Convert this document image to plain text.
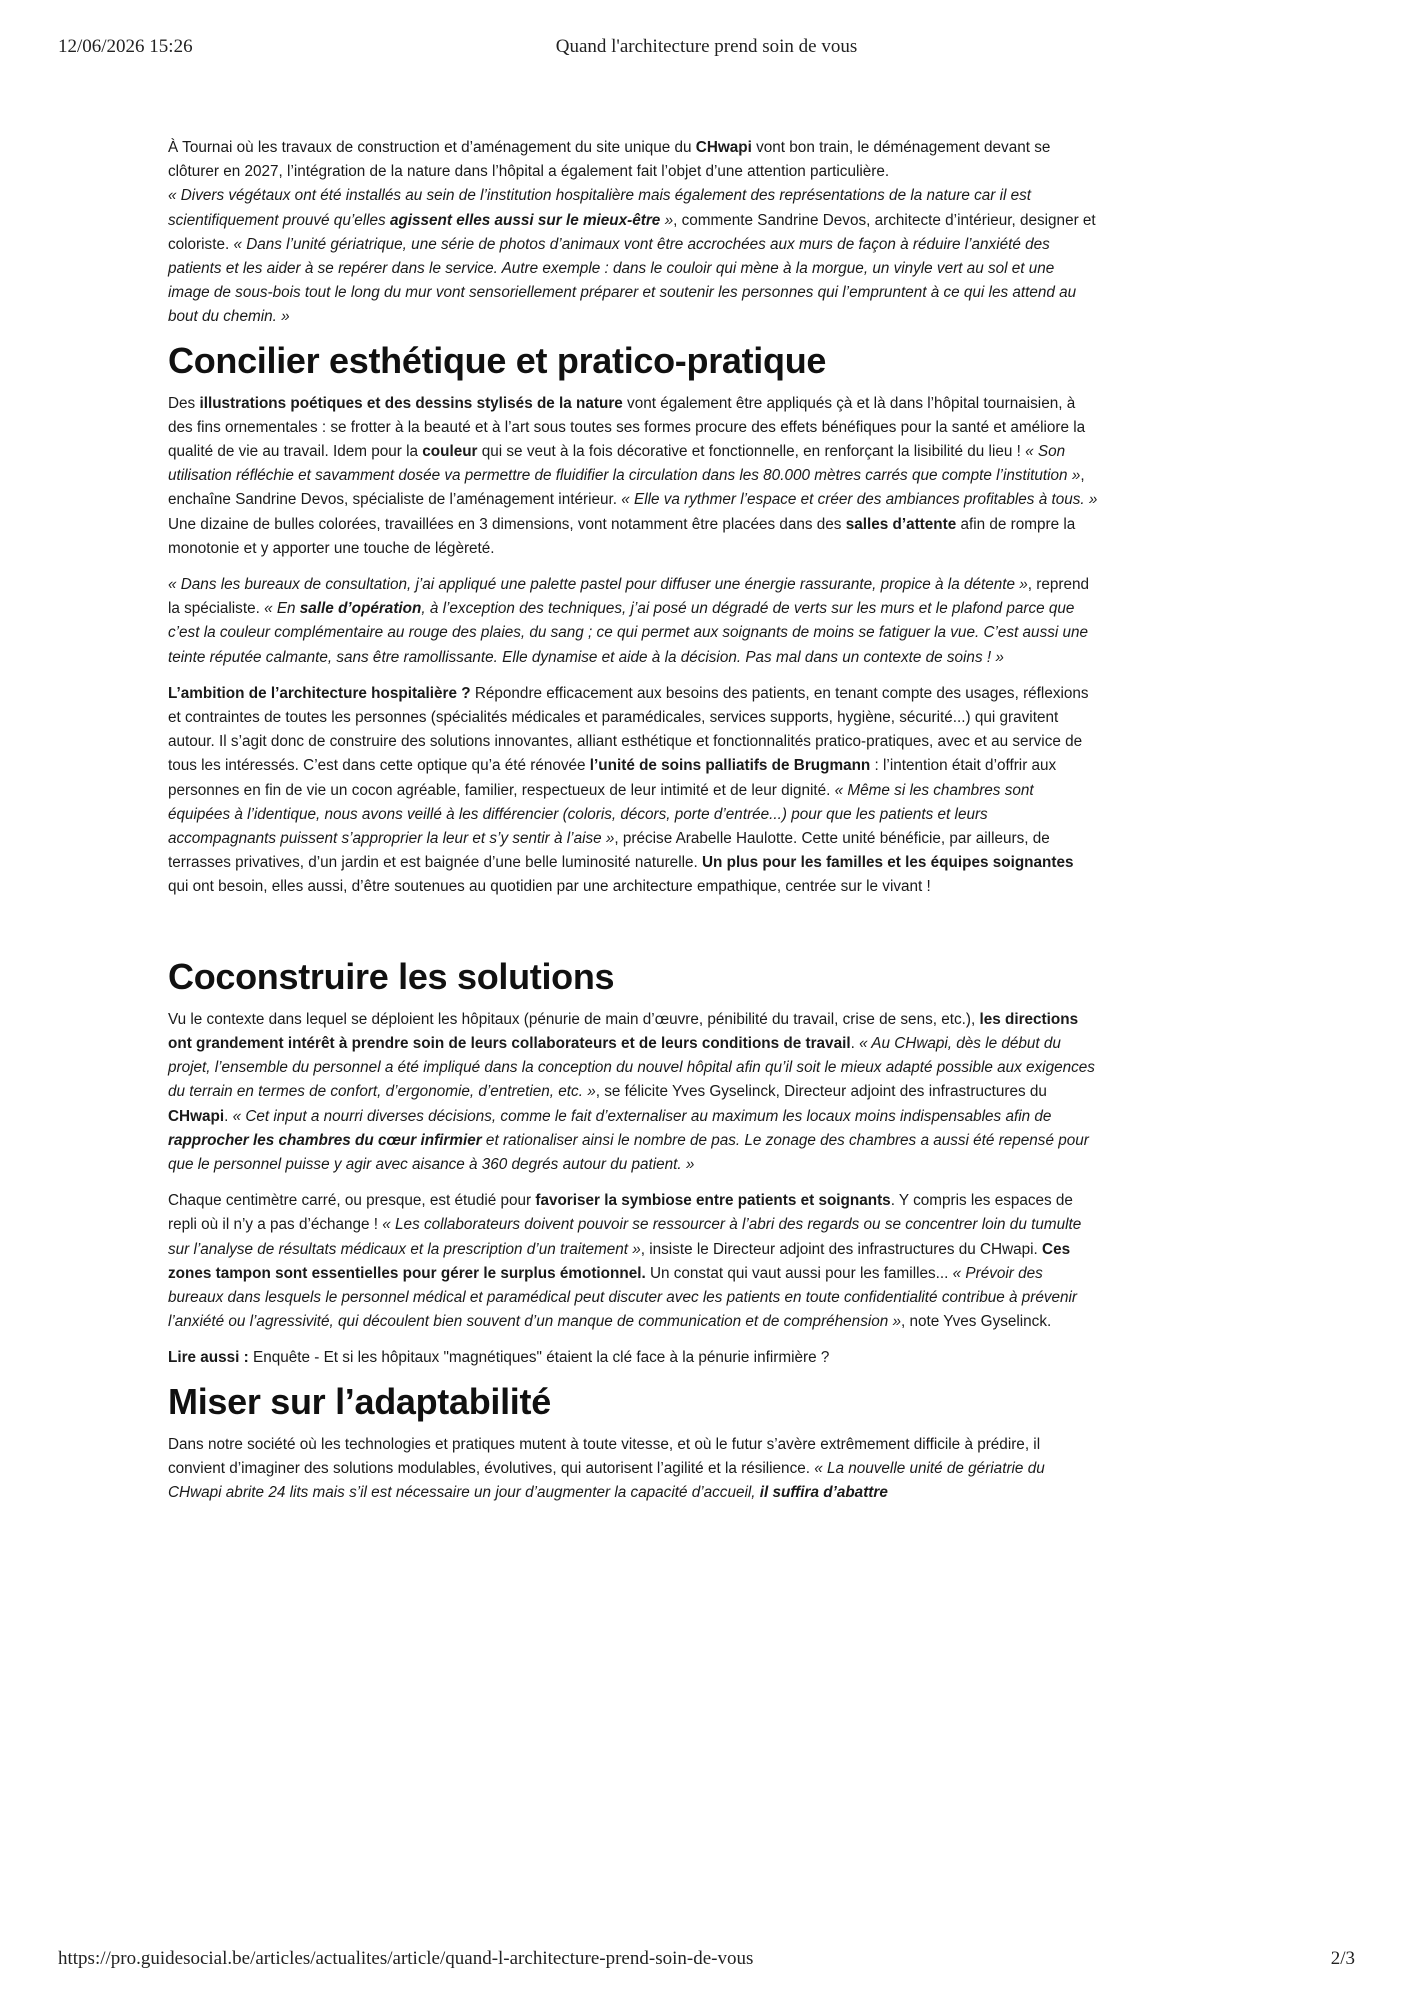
12/06/2026 15:26	Quand l'architecture prend soin de vous

À Tournai où les travaux de construction et d’aménagement du site unique du CHwapi vont bon train, le déménagement devant se clôturer en 2027, l’intégration de la nature dans l’hôpital a également fait l’objet d’une attention particulière.
« Divers végétaux ont été installés au sein de l’institution hospitalière mais également des représentations de la nature car il est scientifiquement prouvé qu’elles agissent elles aussi sur le mieux-être », commente Sandrine Devos, architecte d’intérieur, designer et coloriste. « Dans l’unité gériatrique, une série de photos d’animaux vont être accrochées aux murs de façon à réduire l’anxiété des patients et les aider à se repérer dans le service. Autre exemple : dans le couloir qui mène à la morgue, un vinyle vert au sol et une image de sous-bois tout le long du mur vont sensoriellement préparer et soutenir les personnes qui l’empruntent à ce qui les attend au bout du chemin. »

Concilier esthétique et pratico-pratique

Des illustrations poétiques et des dessins stylisés de la nature vont également être appliqués çà et là dans l’hôpital tournaisien, à des fins ornementales : se frotter à la beauté et à l’art sous toutes ses formes procure des effets bénéfiques pour la santé et améliore la qualité de vie au travail. Idem pour la couleur qui se veut à la fois décorative et fonctionnelle, en renforçant la lisibilité du lieu ! « Son utilisation réfléchie et savamment dosée va permettre de fluidifier la circulation dans les 80.000 mètres carrés que compte l’institution », enchaîne Sandrine Devos, spécialiste de l’aménagement intérieur. « Elle va rythmer l’espace et créer des ambiances profitables à tous. » Une dizaine de bulles colorées, travaillées en 3 dimensions, vont notamment être placées dans des salles d’attente afin de rompre la monotonie et y apporter une touche de légèreté.

« Dans les bureaux de consultation, j’ai appliqué une palette pastel pour diffuser une énergie rassurante, propice à la détente », reprend la spécialiste. « En salle d’opération, à l’exception des techniques, j’ai posé un dégradé de verts sur les murs et le plafond parce que c’est la couleur complémentaire au rouge des plaies, du sang ; ce qui permet aux soignants de moins se fatiguer la vue. C’est aussi une teinte réputée calmante, sans être ramollissante. Elle dynamise et aide à la décision. Pas mal dans un contexte de soins ! »

L’ambition de l’architecture hospitalière ? Répondre efficacement aux besoins des patients, en tenant compte des usages, réflexions et contraintes de toutes les personnes (spécialités médicales et paramédicales, services supports, hygiène, sécurité...) qui gravitent autour. Il s’agit donc de construire des solutions innovantes, alliant esthétique et fonctionnalités pratico-pratiques, avec et au service de tous les intéressés. C’est dans cette optique qu’a été rénovée l’unité de soins palliatifs de Brugmann : l’intention était d’offrir aux personnes en fin de vie un cocon agréable, familier, respectueux de leur intimité et de leur dignité. « Même si les chambres sont équipées à l’identique, nous avons veillé à les différencier (coloris, décors, porte d’entrée...) pour que les patients et leurs accompagnants puissent s’approprier la leur et s’y sentir à l’aise », précise Arabelle Haulotte. Cette unité bénéficie, par ailleurs, de terrasses privatives, d’un jardin et est baignée d’une belle luminosité naturelle. Un plus pour les familles et les équipes soignantes qui ont besoin, elles aussi, d’être soutenues au quotidien par une architecture empathique, centrée sur le vivant !

Coconstruire les solutions

Vu le contexte dans lequel se déploient les hôpitaux (pénurie de main d’œuvre, pénibilité du travail, crise de sens, etc.), les directions ont grandement intérêt à prendre soin de leurs collaborateurs et de leurs conditions de travail. « Au CHwapi, dès le début du projet, l’ensemble du personnel a été impliqué dans la conception du nouvel hôpital afin qu’il soit le mieux adapté possible aux exigences du terrain en termes de confort, d’ergonomie, d’entretien, etc. », se félicite Yves Gyselinck, Directeur adjoint des infrastructures du CHwapi. « Cet input a nourri diverses décisions, comme le fait d’externaliser au maximum les locaux moins indispensables afin de rapprocher les chambres du cœur infirmier et rationaliser ainsi le nombre de pas. Le zonage des chambres a aussi été repensé pour que le personnel puisse y agir avec aisance à 360 degrés autour du patient. »

Chaque centimètre carré, ou presque, est étudié pour favoriser la symbiose entre patients et soignants. Y compris les espaces de repli où il n’y a pas d’échange ! « Les collaborateurs doivent pouvoir se ressourcer à l’abri des regards ou se concentrer loin du tumulte sur l’analyse de résultats médicaux et la prescription d’un traitement », insiste le Directeur adjoint des infrastructures du CHwapi. Ces zones tampon sont essentielles pour gérer le surplus émotionnel. Un constat qui vaut aussi pour les familles... « Prévoir des bureaux dans lesquels le personnel médical et paramédical peut discuter avec les patients en toute confidentialité contribue à prévenir l’anxiété ou l’agressivité, qui découlent bien souvent d’un manque de communication et de compréhension », note Yves Gyselinck.

Lire aussi : Enquête - Et si les hôpitaux "magnétiques" étaient la clé face à la pénurie infirmière ?

Miser sur l’adaptabilité

Dans notre société où les technologies et pratiques mutent à toute vitesse, et où le futur s’avère extrêmement difficile à prédire, il convient d’imaginer des solutions modulables, évolutives, qui autorisent l’agilité et la résilience. « La nouvelle unité de gériatrie du CHwapi abrite 24 lits mais s’il est nécessaire un jour d’augmenter la capacité d’accueil, il suffira d’abattre

https://pro.guidesocial.be/articles/actualites/article/quand-l-architecture-prend-soin-de-vous	2/3
